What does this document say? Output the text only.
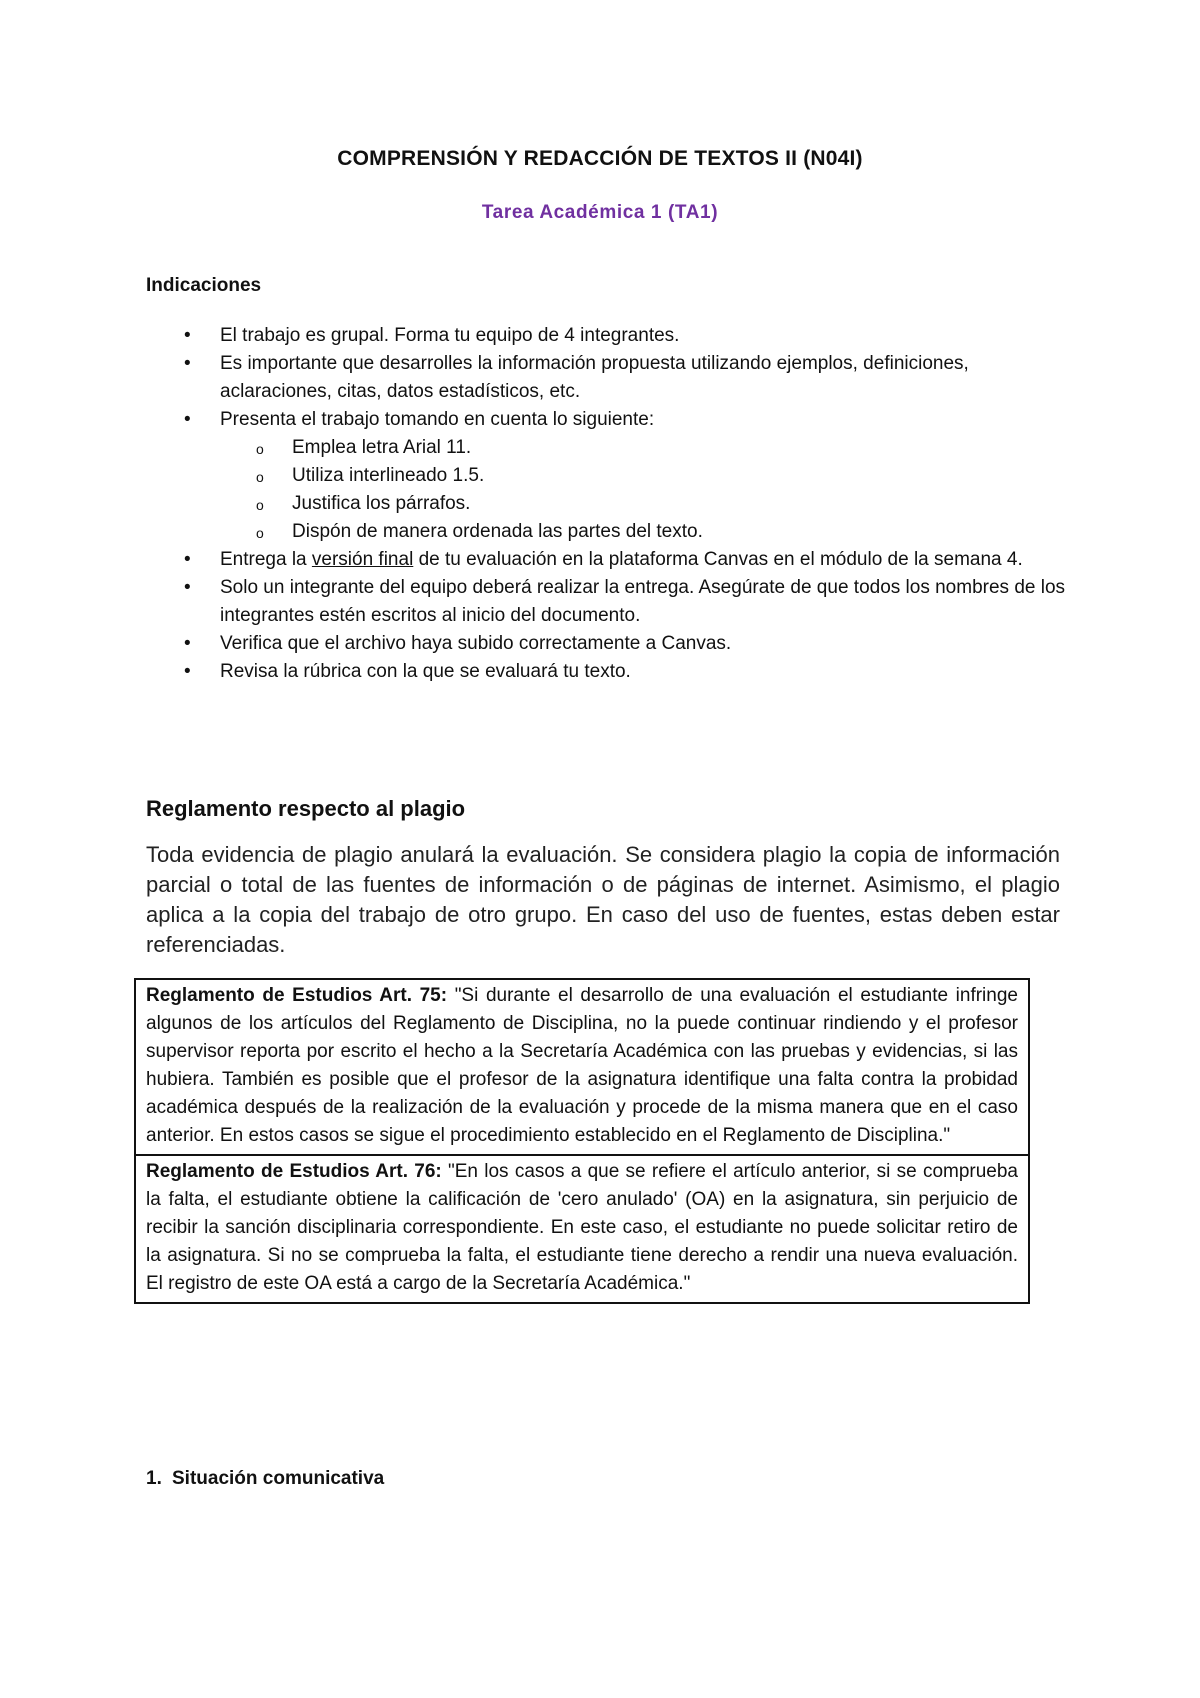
COMPRENSIÓN Y REDACCIÓN DE TEXTOS II (N04I)
Tarea Académica 1 (TA1)
Indicaciones
• El trabajo es grupal. Forma tu equipo de 4 integrantes.
• Es importante que desarrolles la información propuesta utilizando ejemplos, definiciones, aclaraciones, citas, datos estadísticos, etc.
• Presenta el trabajo tomando en cuenta lo siguiente:
o Emplea letra Arial 11.
o Utiliza interlineado 1.5.
o Justifica los párrafos.
o Dispón de manera ordenada las partes del texto.
• Entrega la versión final de tu evaluación en la plataforma Canvas en el módulo de la semana 4.
• Solo un integrante del equipo deberá realizar la entrega. Asegúrate de que todos los nombres de los integrantes estén escritos al inicio del documento.
• Verifica que el archivo haya subido correctamente a Canvas.
• Revisa la rúbrica con la que se evaluará tu texto.
Reglamento respecto al plagio
Toda evidencia de plagio anulará la evaluación. Se considera plagio la copia de información parcial o total de las fuentes de información o de páginas de internet. Asimismo, el plagio aplica a la copia del trabajo de otro grupo. En caso del uso de fuentes, estas deben estar referenciadas.
Reglamento de Estudios Art. 75: "Si durante el desarrollo de una evaluación el estudiante infringe algunos de los artículos del Reglamento de Disciplina, no la puede continuar rindiendo y el profesor supervisor reporta por escrito el hecho a la Secretaría Académica con las pruebas y evidencias, si las hubiera. También es posible que el profesor de la asignatura identifique una falta contra la probidad académica después de la realización de la evaluación y procede de la misma manera que en el caso anterior. En estos casos se sigue el procedimiento establecido en el Reglamento de Disciplina."
Reglamento de Estudios Art. 76: "En los casos a que se refiere el artículo anterior, si se comprueba la falta, el estudiante obtiene la calificación de 'cero anulado' (OA) en la asignatura, sin perjuicio de recibir la sanción disciplinaria correspondiente. En este caso, el estudiante no puede solicitar retiro de la asignatura. Si no se comprueba la falta, el estudiante tiene derecho a rendir una nueva evaluación. El registro de este OA está a cargo de la Secretaría Académica."
1. Situación comunicativa
